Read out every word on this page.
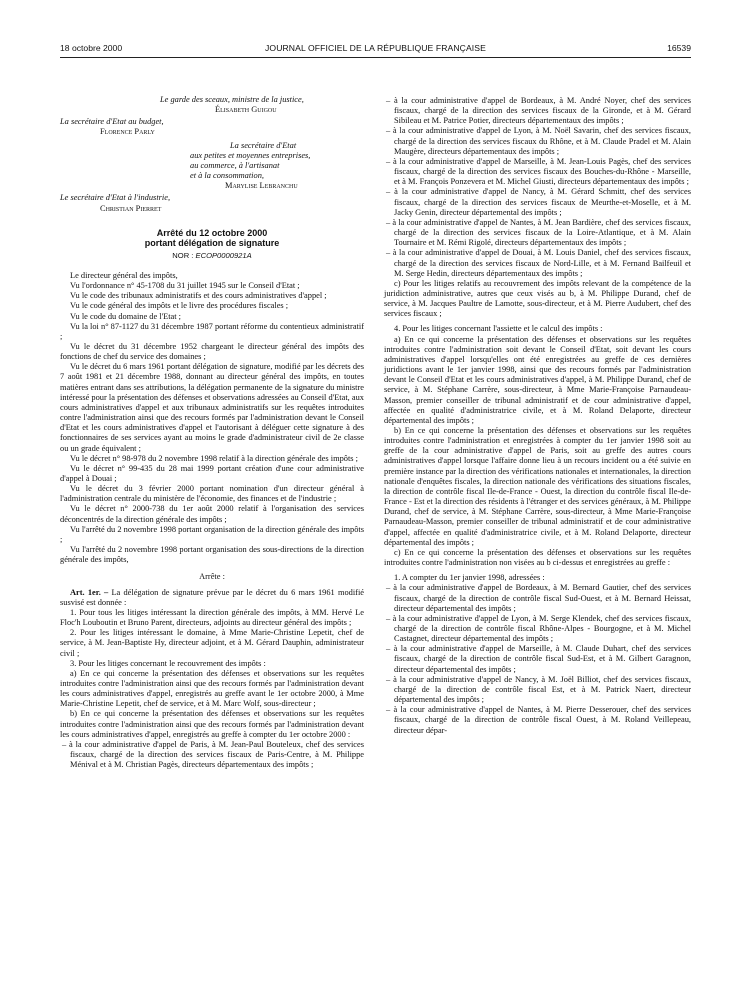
18 octobre 2000	JOURNAL OFFICIEL DE LA RÉPUBLIQUE FRANÇAISE	16539

Le garde des sceaux, ministre de la justice,

Élisabeth Guigou

La secrétaire d'Etat au budget,

Florence Parly

La secrétaire d'Etat

aux petites et moyennes entreprises,

au commerce, à l'artisanat

et à la consommation,

Marylise Lebranchu

Le secrétaire d'Etat à l'industrie,

Christian Pierret

Arrêté du 12 octobre 2000

portant délégation de signature

NOR : ECOP0000921A

Le directeur général des impôts,

Vu l'ordonnance n° 45-1708 du 31 juillet 1945 sur le Conseil d'Etat ;

Vu le code des tribunaux administratifs et des cours administratives d'appel ;

Vu le code général des impôts et le livre des procédures fiscales ;

Vu le code du domaine de l'Etat ;

Vu la loi n° 87-1127 du 31 décembre 1987 portant réforme du contentieux administratif ;

Vu le décret du 31 décembre 1952 chargeant le directeur général des impôts des fonctions de chef du service des domaines ;

Vu le décret du 6 mars 1961 portant délégation de signature, modifié par les décrets des 7 août 1981 et 21 décembre 1988, donnant au directeur général des impôts, en toutes matières entrant dans ses attributions, la délégation permanente de la signature du ministre intéressé pour la présentation des défenses et observations adressées au Conseil d'Etat, aux cours administratives d'appel et aux tribunaux administratifs sur les requêtes introduites contre l'administration ainsi que des recours formés par l'administration devant le Conseil d'Etat et les cours administratives d'appel et l'autorisant à déléguer cette signature à des fonctionnaires de ses services ayant au moins le grade d'administrateur civil de 2e classe ou un grade équivalent ;

Vu le décret n° 98-978 du 2 novembre 1998 relatif à la direction générale des impôts ;

Vu le décret n° 99-435 du 28 mai 1999 portant création d'une cour administrative d'appel à Douai ;

Vu le décret du 3 février 2000 portant nomination d'un directeur général à l'administration centrale du ministère de l'économie, des finances et de l'industrie ;

Vu le décret n° 2000-738 du 1er août 2000 relatif à l'organisation des services déconcentrés de la direction générale des impôts ;

Vu l'arrêté du 2 novembre 1998 portant organisation de la direction générale des impôts ;

Vu l'arrêté du 2 novembre 1998 portant organisation des sous-directions de la direction générale des impôts,

Arrête :

Art. 1er. – La délégation de signature prévue par le décret du 6 mars 1961 modifié susvisé est donnée :

1. Pour tous les litiges intéressant la direction générale des impôts, à MM. Hervé Le Floc'h Louboutin et Bruno Parent, directeurs, adjoints au directeur général des impôts ;

2. Pour les litiges intéressant le domaine, à Mme Marie-Christine Lepetit, chef de service, à M. Jean-Baptiste Hy, directeur adjoint, et à M. Gérard Dauphin, administrateur civil ;

3. Pour les litiges concernant le recouvrement des impôts :

a) En ce qui concerne la présentation des défenses et observations sur les requêtes introduites contre l'administration ainsi que des recours formés par l'administration devant les cours administratives d'appel, enregistrés au greffe avant le 1er octobre 2000, à Mme Marie-Christine Lepetit, chef de service, et à M. Marc Wolf, sous-directeur ;

b) En ce qui concerne la présentation des défenses et observations sur les requêtes introduites contre l'administration ainsi que des recours formés par l'administration devant les cours administratives d'appel, enregistrés au greffe à compter du 1er octobre 2000 :

– à la cour administrative d'appel de Paris, à M. Jean-Paul Bouteleux, chef des services fiscaux, chargé de la direction des services fiscaux de Paris-Centre, à M. Philippe Ménival et à M. Christian Pagès, directeurs départementaux des impôts ;

– à la cour administrative d'appel de Bordeaux, à M. André Noyer, chef des services fiscaux, chargé de la direction des services fiscaux de la Gironde, et à M. Gérard Sibileau et M. Patrice Potier, directeurs départementaux des impôts ;

– à la cour administrative d'appel de Lyon, à M. Noël Savarin, chef des services fiscaux, chargé de la direction des services fiscaux du Rhône, et à M. Claude Pradel et M. Alain Maugère, directeurs départementaux des impôts ;

– à la cour administrative d'appel de Marseille, à M. Jean-Louis Pagès, chef des services fiscaux, chargé de la direction des services fiscaux des Bouches-du-Rhône - Marseille, et à M. François Ponzevera et M. Michel Giusti, directeurs départementaux des impôts ;

– à la cour administrative d'appel de Nancy, à M. Gérard Schmitt, chef des services fiscaux, chargé de la direction des services fiscaux de Meurthe-et-Moselle, et à M. Jacky Genin, directeur départemental des impôts ;

– à la cour administrative d'appel de Nantes, à M. Jean Bardière, chef des services fiscaux, chargé de la direction des services fiscaux de la Loire-Atlantique, et à M. Alain Tournaire et M. Rémi Rigolé, directeurs départementaux des impôts ;

– à la cour administrative d'appel de Douai, à M. Louis Daniel, chef des services fiscaux, chargé de la direction des services fiscaux de Nord-Lille, et à M. Fernand Bailfeuil et M. Serge Hedin, directeurs départementaux des impôts ;

c) Pour les litiges relatifs au recouvrement des impôts relevant de la compétence de la juridiction administrative, autres que ceux visés au b, à M. Philippe Durand, chef de service, à M. Jacques Paultre de Lamotte, sous-directeur, et à M. Pierre Audubert, chef des services fiscaux ;

4. Pour les litiges concernant l'assiette et le calcul des impôts :

a) En ce qui concerne la présentation des défenses et observations sur les requêtes introduites contre l'administration soit devant le Conseil d'Etat, soit devant les cours administratives d'appel lorsqu'elles ont été enregistrées au greffe de ces dernières juridictions avant le 1er janvier 1998, ainsi que des recours formés par l'administration devant le Conseil d'Etat et les cours administratives d'appel, à M. Philippe Durand, chef de service, à M. Stéphane Carrère, sous-directeur, à Mme Marie-Françoise Parnaudeau-Masson, premier conseiller de tribunal administratif et de cour administrative d'appel, affectée en qualité d'administratrice civile, et à M. Roland Delaporte, directeur départemental des impôts ;

b) En ce qui concerne la présentation des défenses et observations sur les requêtes introduites contre l'administration et enregistrées à compter du 1er janvier 1998 soit au greffe de la cour administrative d'appel de Paris, soit au greffe des autres cours administratives d'appel lorsque l'affaire donne lieu à un recours incident ou a été suivie en première instance par la direction des vérifications nationales et internationales, la direction nationale d'enquêtes fiscales, la direction nationale des vérifications des situations fiscales, la direction de contrôle fiscal Ile-de-France - Ouest, la direction du contrôle fiscal Ile-de-France - Est et la direction des résidents à l'étranger et des services généraux, à M. Philippe Durand, chef de service, à M. Stéphane Carrère, sous-directeur, à Mme Marie-Françoise Parnaudeau-Masson, premier conseiller de tribunal administratif et de cour administrative d'appel, affectée en qualité d'administratrice civile, et à M. Roland Delaporte, directeur départemental des impôts ;

c) En ce qui concerne la présentation des défenses et observations sur les requêtes introduites contre l'administration non visées au b ci-dessus et enregistrées au greffe :

1. A compter du 1er janvier 1998, adressées :

– à la cour administrative d'appel de Bordeaux, à M. Bernard Gautier, chef des services fiscaux, chargé de la direction de contrôle fiscal Sud-Ouest, et à M. Bernard Heissat, directeur départemental des impôts ;

– à la cour administrative d'appel de Lyon, à M. Serge Klendek, chef des services fiscaux, chargé de la direction de contrôle fiscal Rhône-Alpes - Bourgogne, et à M. Michel Castagnet, directeur départemental des impôts ;

– à la cour administrative d'appel de Marseille, à M. Claude Duhart, chef des services fiscaux, chargé de la direction de contrôle fiscal Sud-Est, et à M. Gilbert Garagnon, directeur départemental des impôts ;

– à la cour administrative d'appel de Nancy, à M. Joël Billiot, chef des services fiscaux, chargé de la direction de contrôle fiscal Est, et à M. Patrick Naert, directeur départemental des impôts ;

– à la cour administrative d'appel de Nantes, à M. Pierre Desserouer, chef des services fiscaux, chargé de la direction de contrôle fiscal Ouest, à M. Roland Veillepeau, directeur dépar-
